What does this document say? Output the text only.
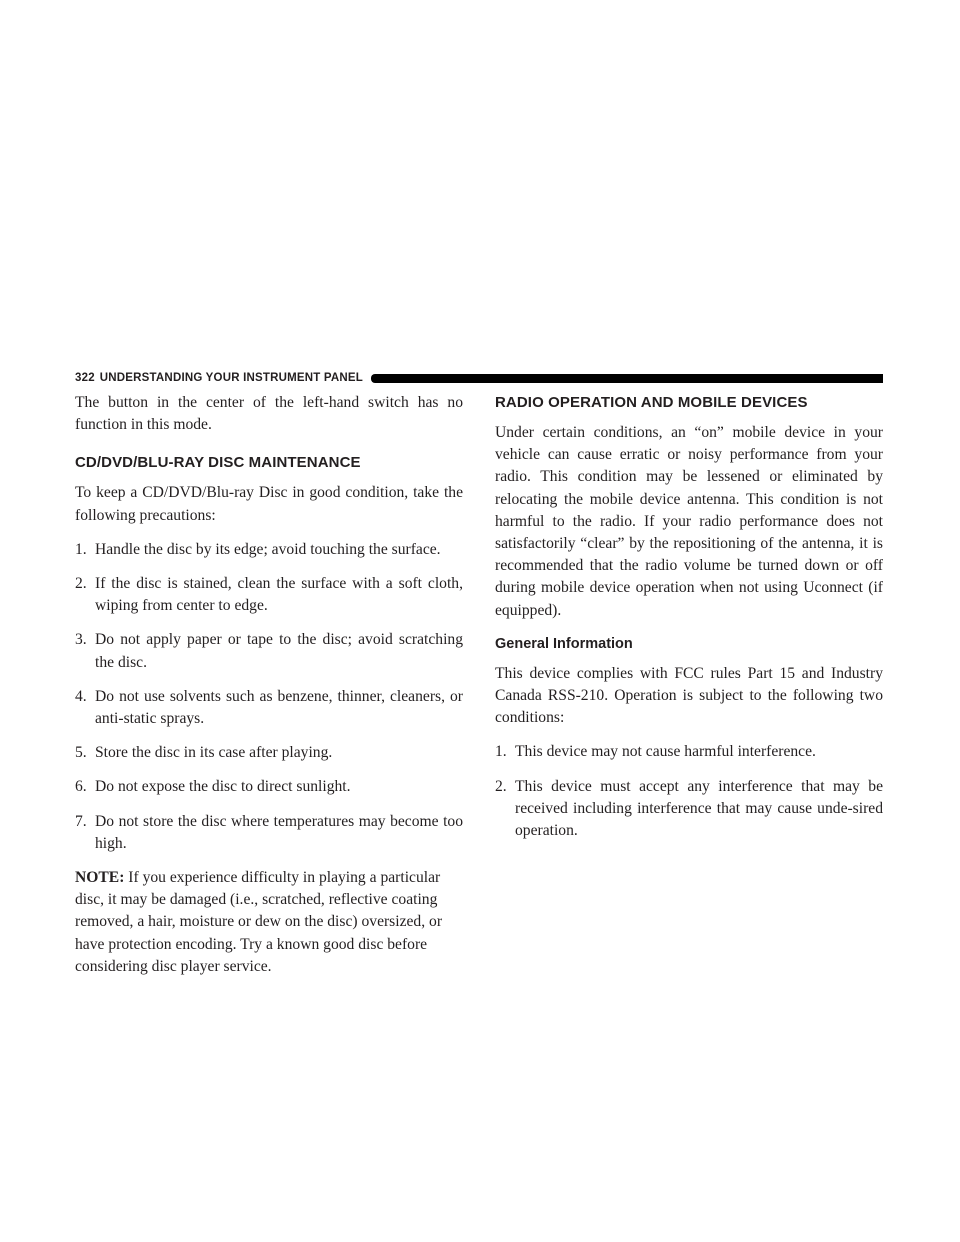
322 UNDERSTANDING YOUR INSTRUMENT PANEL

The button in the center of the left-hand switch has no function in this mode.

CD/DVD/BLU-RAY DISC MAINTENANCE

To keep a CD/DVD/Blu-ray Disc in good condition, take the following precautions:

1. Handle the disc by its edge; avoid touching the surface.
2. If the disc is stained, clean the surface with a soft cloth, wiping from center to edge.
3. Do not apply paper or tape to the disc; avoid scratching the disc.
4. Do not use solvents such as benzene, thinner, cleaners, or anti-static sprays.
5. Store the disc in its case after playing.
6. Do not expose the disc to direct sunlight.
7. Do not store the disc where temperatures may become too high.

NOTE: If you experience difficulty in playing a particular disc, it may be damaged (i.e., scratched, reflective coating removed, a hair, moisture or dew on the disc) oversized, or have protection encoding. Try a known good disc before considering disc player service.

RADIO OPERATION AND MOBILE DEVICES

Under certain conditions, an “on” mobile device in your vehicle can cause erratic or noisy performance from your radio. This condition may be lessened or eliminated by relocating the mobile device antenna. This condition is not harmful to the radio. If your radio performance does not satisfactorily “clear” by the repositioning of the antenna, it is recommended that the radio volume be turned down or off during mobile device operation when not using Uconnect (if equipped).

General Information

This device complies with FCC rules Part 15 and Industry Canada RSS-210. Operation is subject to the following two conditions:

1. This device may not cause harmful interference.
2. This device must accept any interference that may be received including interference that may cause unde-sired operation.
